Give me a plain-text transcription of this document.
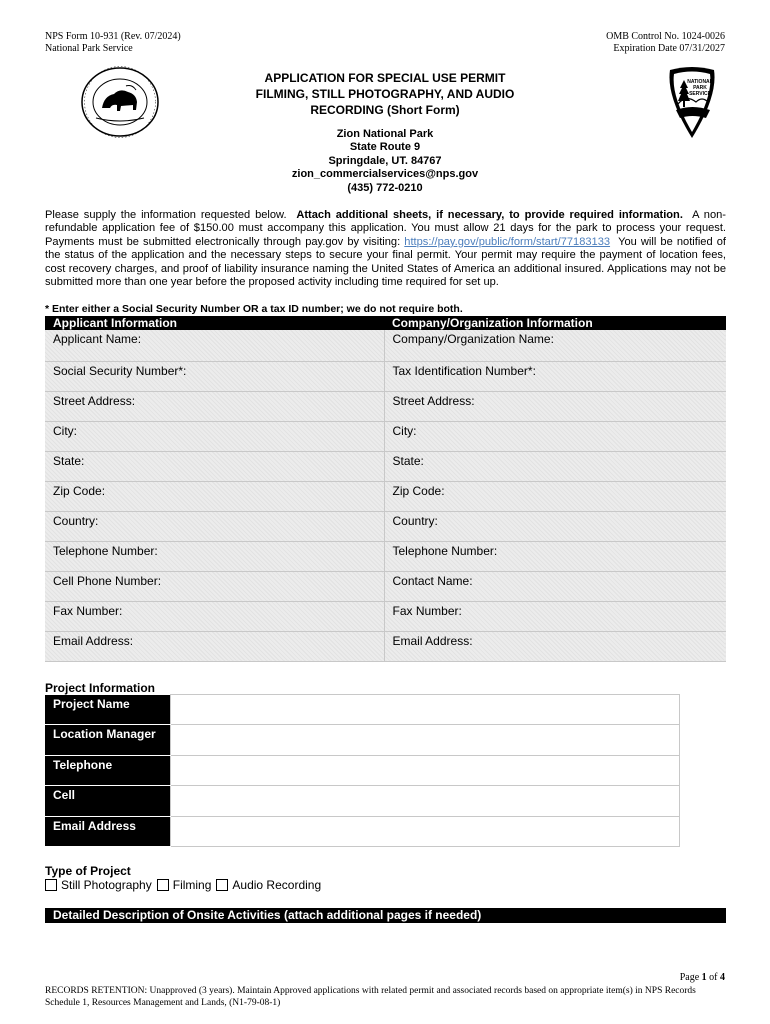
NPS Form 10-931 (Rev. 07/2024)
National Park Service
OMB Control No. 1024-0026
Expiration Date 07/31/2027
NATIONAL
PARK
SERVICE
APPLICATION FOR SPECIAL USE PERMIT
FILMING, STILL PHOTOGRAPHY, AND AUDIO
RECORDING (Short Form)
Zion National Park
State Route 9
Springdale, UT. 84767
zion_commercialservices@nps.gov
(435) 772-0210
Please supply the information requested below. Attach additional sheets, if necessary, to provide required information. A non-refundable application fee of $150.00 must accompany this application. You must allow 21 days for the park to process your request. Payments must be submitted electronically through pay.gov by visiting: https://pay.gov/public/form/start/77183133 You will be notified of the status of the application and the necessary steps to secure your final permit. Your permit may require the payment of location fees, cost recovery charges, and proof of liability insurance naming the United States of America an additional insured. Applications may not be submitted more than one year before the proposed activity including time required for set up.
* Enter either a Social Security Number OR a tax ID number; we do not require both.
Applicant Information	Company/Organization Information
Applicant Name:	Company/Organization Name:
Social Security Number*:	Tax Identification Number*:
Street Address:	Street Address:
City:	City:
State:	State:
Zip Code:	Zip Code:
Country:	Country:
Telephone Number:	Telephone Number:
Cell Phone Number:	Contact Name:
Fax Number:	Fax Number:
Email Address:	Email Address:
Project Information
Project Name	
Location Manager	
Telephone	
Cell	
Email Address	
Type of Project
Still Photography Filming Audio Recording
Detailed Description of Onsite Activities (attach additional pages if needed)
Page 1 of 4
RECORDS RETENTION: Unapproved (3 years). Maintain Approved applications with related permit and associated records based on appropriate item(s) in NPS Records Schedule 1, Resources Management and Lands, (N1-79-08-1)
